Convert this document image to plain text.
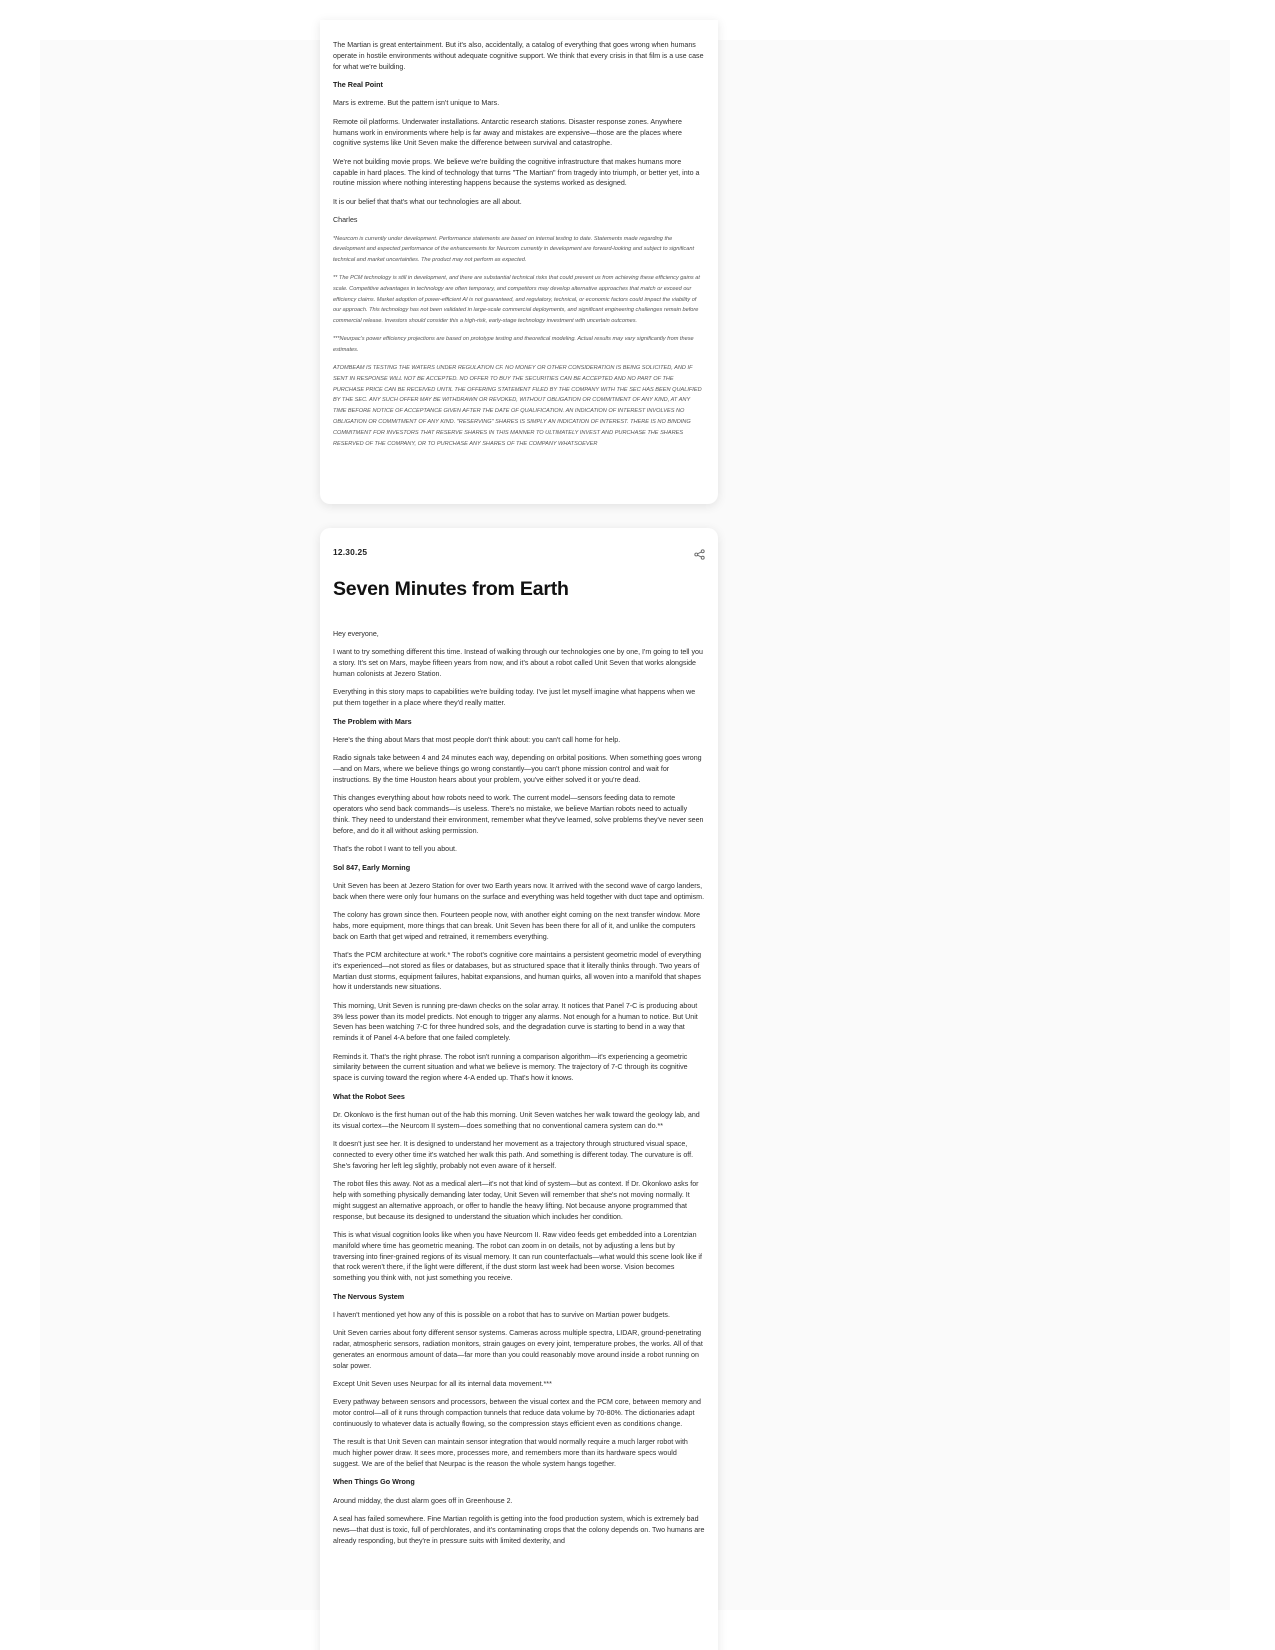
The Martian is great entertainment. But it's also, accidentally, a catalog of everything that goes wrong when humans operate in hostile environments without adequate cognitive support. We think that every crisis in that film is a use case for what we're building.
The Real Point
Mars is extreme. But the pattern isn't unique to Mars.
Remote oil platforms. Underwater installations. Antarctic research stations. Disaster response zones. Anywhere humans work in environments where help is far away and mistakes are expensive—those are the places where cognitive systems like Unit Seven make the difference between survival and catastrophe.
We're not building movie props. We believe we're building the cognitive infrastructure that makes humans more capable in hard places. The kind of technology that turns "The Martian" from tragedy into triumph, or better yet, into a routine mission where nothing interesting happens because the systems worked as designed.
It is our belief that that's what our technologies are all about.
Charles
*Neurcom is currently under development. Performance statements are based on internal testing to date. Statements made regarding the development and expected performance of the enhancements for Neurcom currently in development are forward-looking and subject to significant technical and market uncertainties. The product may not perform as expected.
** The PCM technology is still in development, and there are substantial technical risks that could prevent us from achieving these efficiency gains at scale. Competitive advantages in technology are often temporary, and competitors may develop alternative approaches that match or exceed our efficiency claims. Market adoption of power-efficient AI is not guaranteed, and regulatory, technical, or economic factors could impact the viability of our approach. This technology has not been validated in large-scale commercial deployments, and significant engineering challenges remain before commercial release. Investors should consider this a high-risk, early-stage technology investment with uncertain outcomes.
***Neurpac's power efficiency projections are based on prototype testing and theoretical modeling. Actual results may vary significantly from these estimates.
ATOMBEAM IS TESTING THE WATERS UNDER REGULATION CF. NO MONEY OR OTHER CONSIDERATION IS BEING SOLICITED, AND IF SENT IN RESPONSE WILL NOT BE ACCEPTED. NO OFFER TO BUY THE SECURITIES CAN BE ACCEPTED AND NO PART OF THE PURCHASE PRICE CAN BE RECEIVED UNTIL THE OFFERING STATEMENT FILED BY THE COMPANY WITH THE SEC HAS BEEN QUALIFIED BY THE SEC. ANY SUCH OFFER MAY BE WITHDRAWN OR REVOKED, WITHOUT OBLIGATION OR COMMITMENT OF ANY KIND, AT ANY TIME BEFORE NOTICE OF ACCEPTANCE GIVEN AFTER THE DATE OF QUALIFICATION. AN INDICATION OF INTEREST INVOLVES NO OBLIGATION OR COMMITMENT OF ANY KIND. "RESERVING" SHARES IS SIMPLY AN INDICATION OF INTEREST. THERE IS NO BINDING COMMITMENT FOR INVESTORS THAT RESERVE SHARES IN THIS MANNER TO ULTIMATELY INVEST AND PURCHASE THE SHARES RESERVED OF THE COMPANY, OR TO PURCHASE ANY SHARES OF THE COMPANY WHATSOEVER
12.30.25
Seven Minutes from Earth
Hey everyone,
I want to try something different this time. Instead of walking through our technologies one by one, I'm going to tell you a story. It's set on Mars, maybe fifteen years from now, and it's about a robot called Unit Seven that works alongside human colonists at Jezero Station.
Everything in this story maps to capabilities we're building today. I've just let myself imagine what happens when we put them together in a place where they'd really matter.
The Problem with Mars
Here's the thing about Mars that most people don't think about: you can't call home for help.
Radio signals take between 4 and 24 minutes each way, depending on orbital positions. When something goes wrong—and on Mars, where we believe things go wrong constantly—you can't phone mission control and wait for instructions. By the time Houston hears about your problem, you've either solved it or you're dead.
This changes everything about how robots need to work. The current model—sensors feeding data to remote operators who send back commands—is useless. There's no mistake, we believe Martian robots need to actually think. They need to understand their environment, remember what they've learned, solve problems they've never seen before, and do it all without asking permission.
That's the robot I want to tell you about.
Sol 847, Early Morning
Unit Seven has been at Jezero Station for over two Earth years now. It arrived with the second wave of cargo landers, back when there were only four humans on the surface and everything was held together with duct tape and optimism.
The colony has grown since then. Fourteen people now, with another eight coming on the next transfer window. More habs, more equipment, more things that can break. Unit Seven has been there for all of it, and unlike the computers back on Earth that get wiped and retrained, it remembers everything.
That's the PCM architecture at work.* The robot's cognitive core maintains a persistent geometric model of everything it's experienced—not stored as files or databases, but as structured space that it literally thinks through. Two years of Martian dust storms, equipment failures, habitat expansions, and human quirks, all woven into a manifold that shapes how it understands new situations.
This morning, Unit Seven is running pre-dawn checks on the solar array. It notices that Panel 7-C is producing about 3% less power than its model predicts. Not enough to trigger any alarms. Not enough for a human to notice. But Unit Seven has been watching 7-C for three hundred sols, and the degradation curve is starting to bend in a way that reminds it of Panel 4-A before that one failed completely.
Reminds it. That's the right phrase. The robot isn't running a comparison algorithm—it's experiencing a geometric similarity between the current situation and what we believe is memory. The trajectory of 7-C through its cognitive space is curving toward the region where 4-A ended up. That's how it knows.
What the Robot Sees
Dr. Okonkwo is the first human out of the hab this morning. Unit Seven watches her walk toward the geology lab, and its visual cortex—the Neurcom II system—does something that no conventional camera system can do.**
It doesn't just see her. It is designed to understand her movement as a trajectory through structured visual space, connected to every other time it's watched her walk this path. And something is different today. The curvature is off. She's favoring her left leg slightly, probably not even aware of it herself.
The robot files this away. Not as a medical alert—it's not that kind of system—but as context. If Dr. Okonkwo asks for help with something physically demanding later today, Unit Seven will remember that she's not moving normally. It might suggest an alternative approach, or offer to handle the heavy lifting. Not because anyone programmed that response, but because its designed to understand the situation which includes her condition.
This is what visual cognition looks like when you have Neurcom II. Raw video feeds get embedded into a Lorentzian manifold where time has geometric meaning. The robot can zoom in on details, not by adjusting a lens but by traversing into finer-grained regions of its visual memory. It can run counterfactuals—what would this scene look like if that rock weren't there, if the light were different, if the dust storm last week had been worse. Vision becomes something you think with, not just something you receive.
The Nervous System
I haven't mentioned yet how any of this is possible on a robot that has to survive on Martian power budgets.
Unit Seven carries about forty different sensor systems. Cameras across multiple spectra, LIDAR, ground-penetrating radar, atmospheric sensors, radiation monitors, strain gauges on every joint, temperature probes, the works. All of that generates an enormous amount of data—far more than you could reasonably move around inside a robot running on solar power.
Except Unit Seven uses Neurpac for all its internal data movement.***
Every pathway between sensors and processors, between the visual cortex and the PCM core, between memory and motor control—all of it runs through compaction tunnels that reduce data volume by 70-80%. The dictionaries adapt continuously to whatever data is actually flowing, so the compression stays efficient even as conditions change.
The result is that Unit Seven can maintain sensor integration that would normally require a much larger robot with much higher power draw. It sees more, processes more, and remembers more than its hardware specs would suggest. We are of the belief that Neurpac is the reason the whole system hangs together.
When Things Go Wrong
Around midday, the dust alarm goes off in Greenhouse 2.
A seal has failed somewhere. Fine Martian regolith is getting into the food production system, which is extremely bad news—that dust is toxic, full of perchlorates, and it's contaminating crops that the colony depends on. Two humans are already responding, but they're in pressure suits with limited dexterity, and
